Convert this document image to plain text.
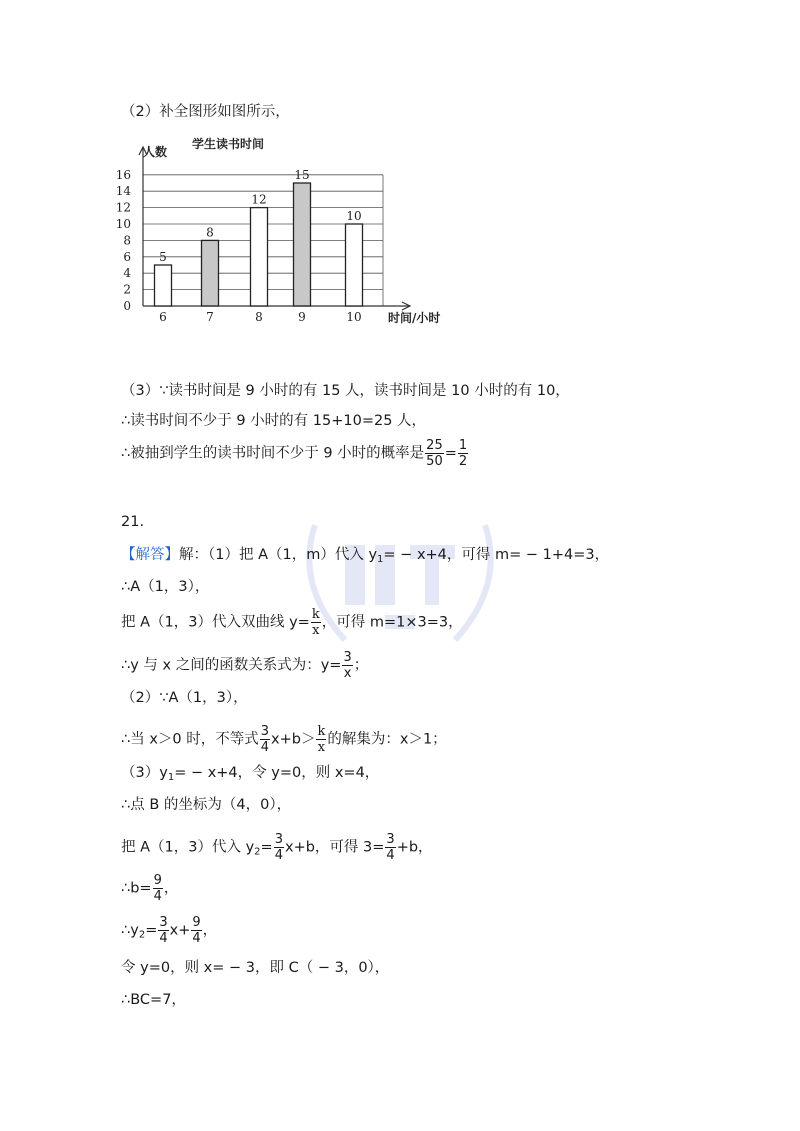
（2）补全图形如图所示，
0
2
4
6
8
10
12
14
16
人数
学生读书时间
时间/小时
5
6
8
7
12
8
15
9
10
10
（3）∵读书时间是 9 小时的有 15 人，读书时间是 10 小时的有 10，
∴读书时间不少于 9 小时的有 15+10=25 人，
∴被抽到学生的读书时间不少于 9 小时的概率是 $\frac{25}{50} = \frac{1}{2}$
21.
【解答】解：（1）把 A（1，m）代入 $y_1= - x+4$，可得 m= − 1+4=3，
∴A（1，3），
把 A（1，3）代入双曲线 $y= \frac{k}{x}$ ，可得 m=1×3=3，
∴y 与 x 之间的函数关系式为：$y= \frac{3}{x}$ ；
（2）∵A（1，3），
∴当 x＞0 时，不等式 $\frac{3}{4} x+b> \frac{k}{x}$ 的解集为：x＞1；
$(3)y_1= - x+4$，令 y=0，则 x=4，
∴点 B 的坐标为（4，0），
把 A（1，3）代入 $y_2= \frac{3}{4} x+b$，可得 $3= \frac{3}{4} +b$，
∴b= $\frac{9}{4}$ ，
$\therefore y_2= \frac{3}{4} x+ \frac{9}{4}$ ，
令 y=0，则 x= − 3，即 C（ − 3，0），
∴BC=7，
